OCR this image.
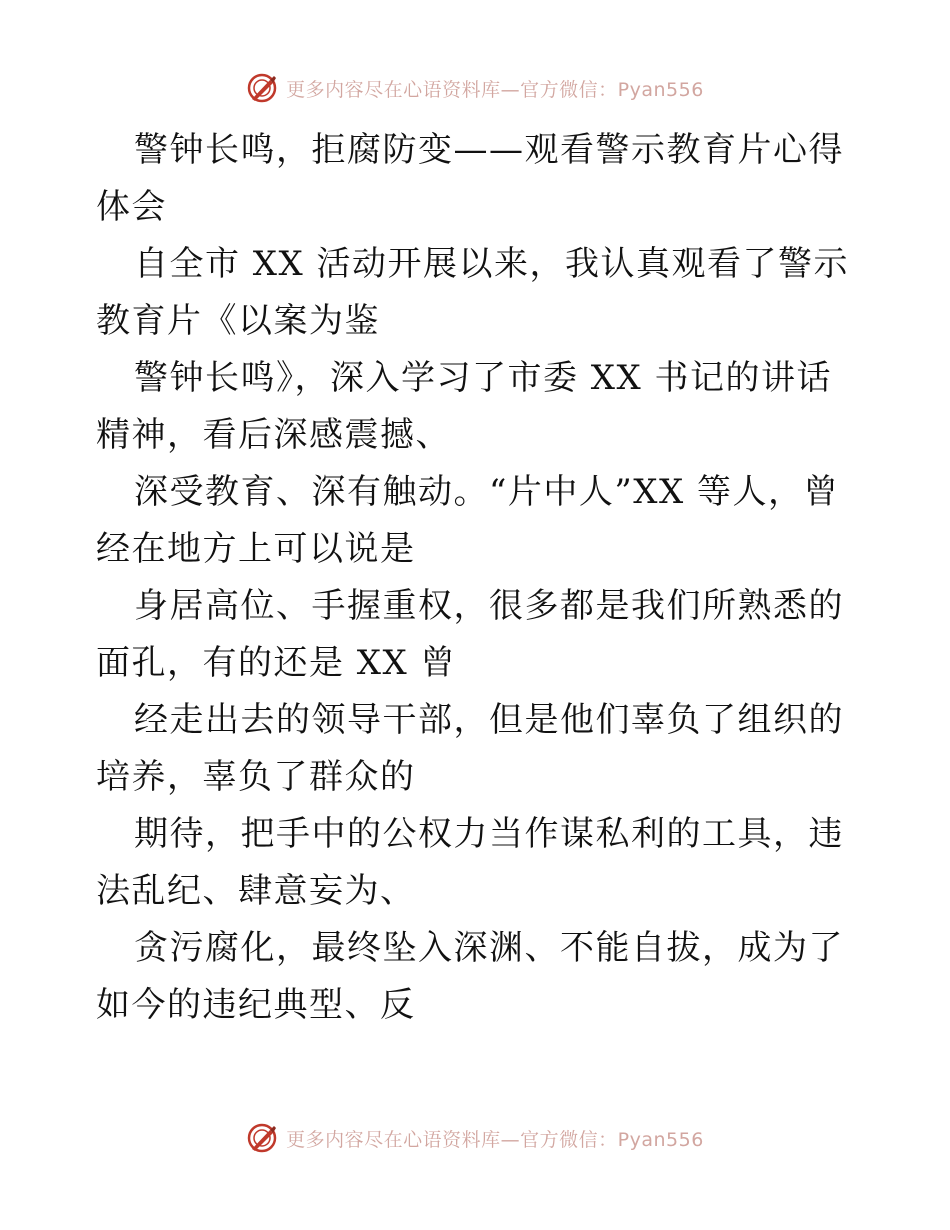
更多内容尽在心语资料库—官方微信：Pyan556

警钟长鸣，拒腐防变——观看警示教育片心得体会

自全市 XX 活动开展以来，我认真观看了警示教育片《以案为鉴

警钟长鸣》，深入学习了市委 XX 书记的讲话精神，看后深感震撼、

深受教育、深有触动。“片中人”XX 等人，曾经在地方上可以说是

身居高位、手握重权，很多都是我们所熟悉的面孔，有的还是 XX 曾

经走出去的领导干部，但是他们辜负了组织的培养，辜负了群众的

期待，把手中的公权力当作谋私利的工具，违法乱纪、肆意妄为、

贪污腐化，最终坠入深渊、不能自拔，成为了如今的违纪典型、反

更多内容尽在心语资料库—官方微信：Pyan556
